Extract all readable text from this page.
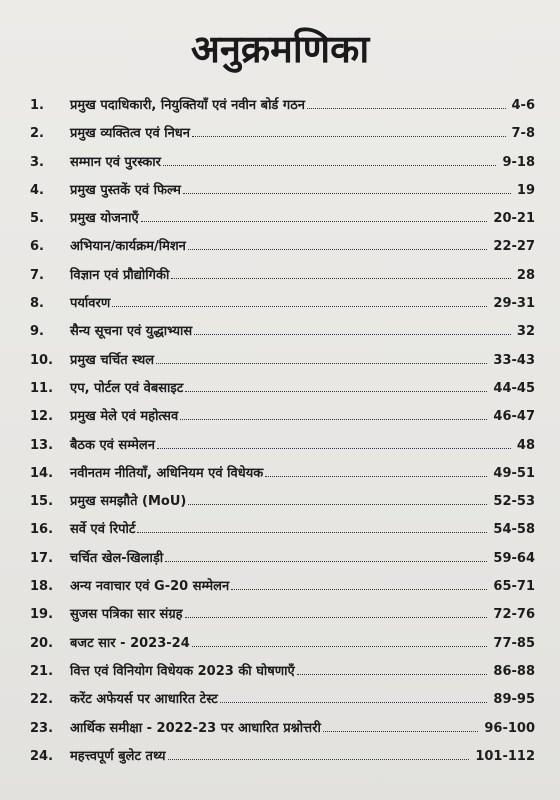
अनुक्रमणिका
1.	प्रमुख पदाधिकारी, नियुक्तियाँ एवं नवीन बोर्ड गठन	4-6
2.	प्रमुख व्यक्तित्व एवं निधन	7-8
3.	सम्मान एवं पुरस्कार	9-18
4.	प्रमुख पुस्तकें एवं फिल्म	19
5.	प्रमुख योजनाएँ	20-21
6.	अभियान/कार्यक्रम/मिशन	22-27
7.	विज्ञान एवं प्रौद्योगिकी	28
8.	पर्यावरण	29-31
9.	सैन्य सूचना एवं युद्धाभ्यास	32
10.	प्रमुख चर्चित स्थल	33-43
11.	एप, पोर्टल एवं वेबसाइट	44-45
12.	प्रमुख मेले एवं महोत्सव	46-47
13.	बैठक एवं सम्मेलन	48
14.	नवीनतम नीतियाँ, अधिनियम एवं विधेयक	49-51
15.	प्रमुख समझौते (MoU)	52-53
16.	सर्वे एवं रिपोर्ट	54-58
17.	चर्चित खेल-खिलाड़ी	59-64
18.	अन्य नवाचार एवं G-20 सम्मेलन	65-71
19.	सुजस पत्रिका सार संग्रह	72-76
20.	बजट सार - 2023-24	77-85
21.	वित्त एवं विनियोग विधेयक 2023 की घोषणाएँ	86-88
22.	करेंट अफेयर्स पर आधारित टेस्ट	89-95
23.	आर्थिक समीक्षा - 2022-23 पर आधारित प्रश्नोत्तरी	96-100
24.	महत्त्वपूर्ण बुलेट तथ्य	101-112
